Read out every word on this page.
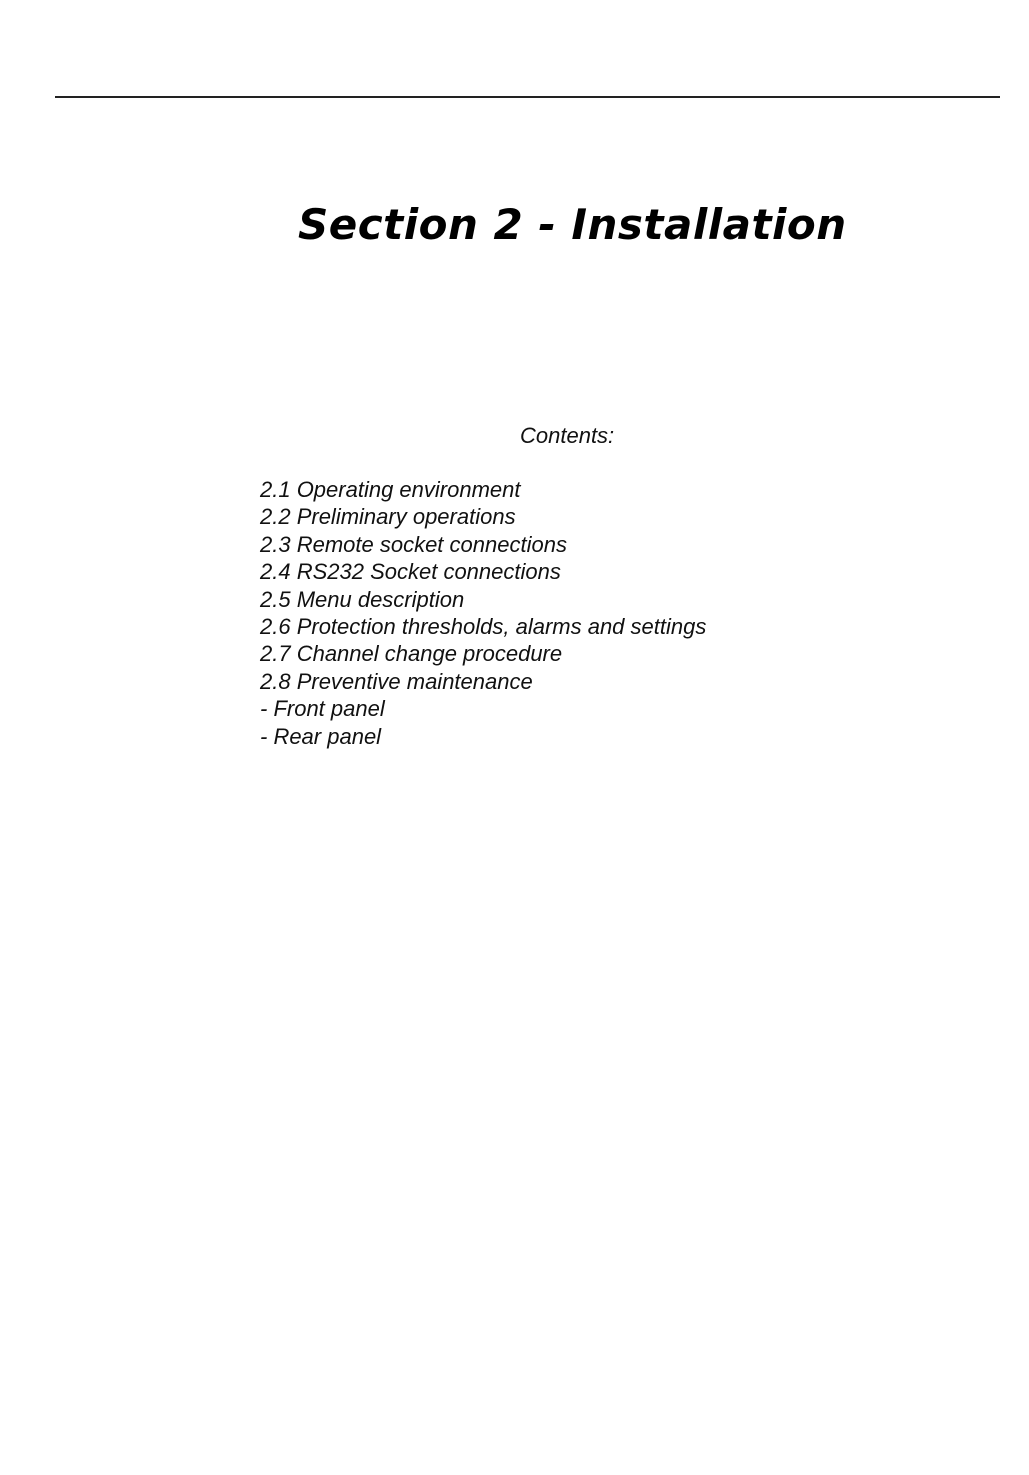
Section 2 - Installation
Contents:
2.1 Operating environment
2.2 Preliminary operations
2.3 Remote socket connections
2.4 RS232 Socket connections
2.5 Menu description
2.6 Protection thresholds, alarms and settings
2.7 Channel change procedure
2.8 Preventive maintenance
- Front panel
- Rear panel
